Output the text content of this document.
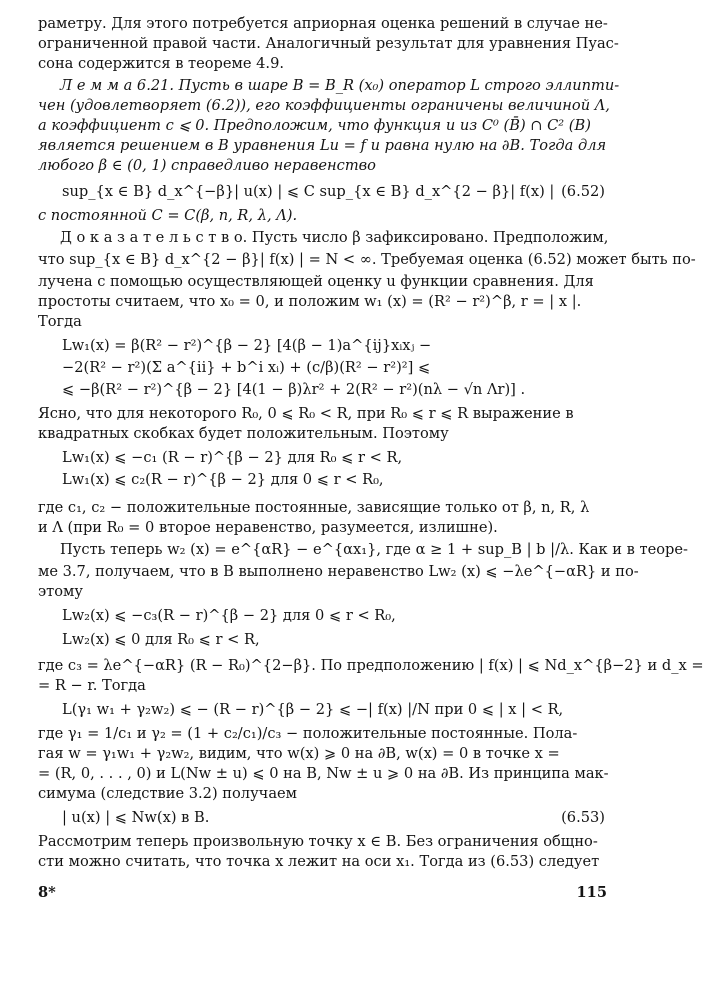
раметру. Для этого потребуется априорная оценка решений в случае не-
ограниченной правой части. Аналогичный результат для уравнения Пуас-
сона содержится в теореме 4.9.
Л е м м а 6.21. Пусть в шаре B = B_R (x₀) оператор L строго эллипти-
чен (удовлетворяет (6.2)), его коэффициенты ограничены величиной Λ,
а коэффициент c ⩽ 0. Предположим, что функция u из C⁰ (B̄) ∩ C² (B)
является решением в B уравнения Lu = f и равна нулю на ∂B. Тогда для
любого β ∈ (0, 1) справедливо неравенство
sup_{x ∈ B} d_x^{−β}| u(x) | ⩽ C sup_{x ∈ B} d_x^{2 − β}| f(x) | (6.52)
с постоянной C = C(β, n, R, λ, Λ).
Д о к а з а т е л ь с т в о. Пусть число β зафиксировано. Предположим,
что sup_{x ∈ B} d_x^{2 − β}| f(x) | = N < ∞. Требуемая оценка (6.52) может быть по-
лучена с помощью осуществляющей оценку u функции сравнения. Для
простоты считаем, что x₀ = 0, и положим w₁ (x) = (R² − r²)^β, r = | x |.
Тогда
Lw₁(x) = β(R² − r²)^{β − 2} [4(β − 1)a^{ij}xᵢxⱼ −
−2(R² − r²)(Σ a^{ii} + b^i xᵢ) + (c/β)(R² − r²)²] ⩽
⩽ −β(R² − r²)^{β − 2} [4(1 − β)λr² + 2(R² − r²)(nλ − √n Λr)] .
Ясно, что для некоторого R₀, 0 ⩽ R₀ < R, при R₀ ⩽ r ⩽ R выражение в
квадратных скобках будет положительным. Поэтому
Lw₁(x) ⩽ −c₁ (R − r)^{β − 2} для R₀ ⩽ r < R,
Lw₁(x) ⩽ c₂(R − r)^{β − 2} для 0 ⩽ r < R₀,
где c₁, c₂ − положительные постоянные, зависящие только от β, n, R, λ
и Λ (при R₀ = 0 второе неравенство, разумеется, излишне).
Пусть теперь w₂ (x) = e^{αR} − e^{αx₁}, где α ≥ 1 + sup_B | b |/λ. Как и в теоре-
ме 3.7, получаем, что в B выполнено неравенство Lw₂ (x) ⩽ −λe^{−αR} и по-
этому
Lw₂(x) ⩽ −c₃(R − r)^{β − 2} для 0 ⩽ r < R₀,
Lw₂(x) ⩽ 0 для R₀ ⩽ r < R,
где c₃ = λe^{−αR} (R − R₀)^{2−β}. По предположению | f(x) | ⩽ Nd_x^{β−2} и d_x =
= R − r. Тогда
L(γ₁ w₁ + γ₂w₂) ⩽ − (R − r)^{β − 2} ⩽ −| f(x) |/N при 0 ⩽ | x | < R,
где γ₁ = 1/c₁ и γ₂ = (1 + c₂/c₁)/c₃ − положительные постоянные. Пола-
гая w = γ₁w₁ + γ₂w₂, видим, что w(x) ⩾ 0 на ∂B, w(x) = 0 в точке x =
= (R, 0, . . . , 0) и L(Nw ± u) ⩽ 0 на B, Nw ± u ⩾ 0 на ∂B. Из принципа мак-
симума (следствие 3.2) получаем
| u(x) | ⩽ Nw(x) в B.	(6.53)
Рассмотрим теперь произвольную точку x ∈ B. Без ограничения общно-
сти можно считать, что точка x лежит на оси x₁. Тогда из (6.53) следует
8*	115
